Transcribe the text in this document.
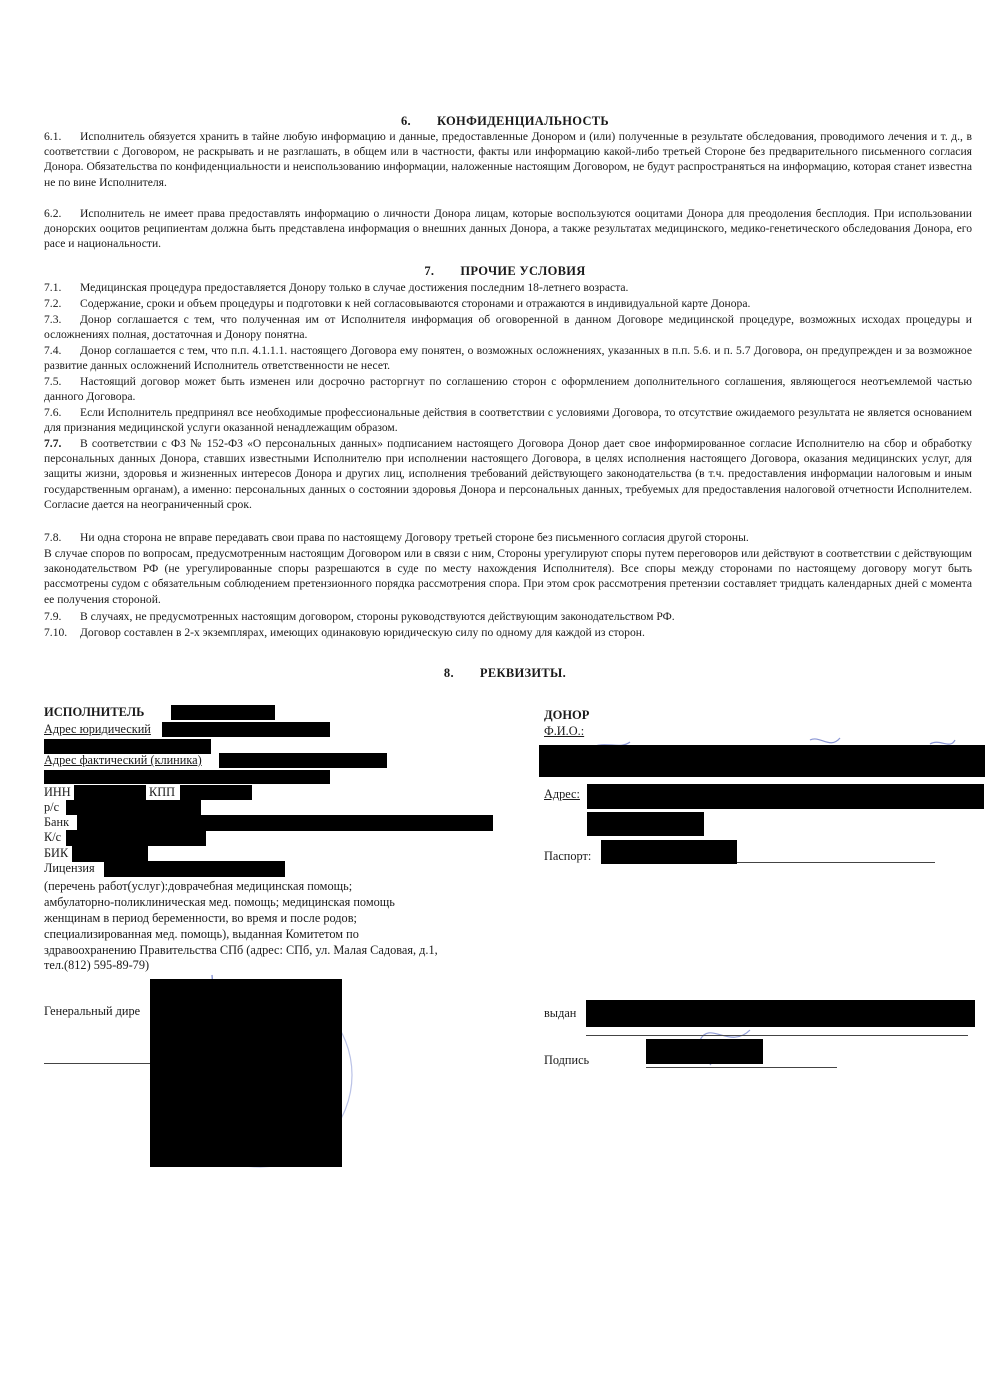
6. КОНФИДЕНЦИАЛЬНОСТЬ
6.1. Исполнитель обязуется хранить в тайне любую информацию и данные, предоставленные Донором и (или) полученные в результате обследования, проводимого лечения и т. д., в соответствии с Договором, не раскрывать и не разглашать, в общем или в частности, факты или информацию какой-либо третьей Стороне без предварительного письменного согласия Донора. Обязательства по конфиденциальности и неиспользованию информации, наложенные настоящим Договором, не будут распространяться на информацию, которая станет известна не по вине Исполнителя.
6.2. Исполнитель не имеет права предоставлять информацию о личности Донора лицам, которые воспользуются ооцитами Донора для преодоления бесплодия. При использовании донорских ооцитов реципиентам должна быть представлена информация о внешних данных Донора, а также результатах медицинского, медико-генетического обследования Донора, его расе и национальности.
7. ПРОЧИЕ УСЛОВИЯ
7.1. Медицинская процедура предоставляется Донору только в случае достижения последним 18-летнего возраста.
7.2. Содержание, сроки и объем процедуры и подготовки к ней согласовываются сторонами и отражаются в индивидуальной карте Донора.
7.3. Донор соглашается с тем, что полученная им от Исполнителя информация об оговоренной в данном Договоре медицинской процедуре, возможных исходах процедуры и осложнениях полная, достаточная и Донору понятна.
7.4. Донор соглашается с тем, что п.п. 4.1.1.1. настоящего Договора ему понятен, о возможных осложнениях, указанных в п.п. 5.6. и п. 5.7 Договора, он предупрежден и за возможное развитие данных осложнений Исполнитель ответственности не несет.
7.5. Настоящий договор может быть изменен или досрочно расторгнут по соглашению сторон с оформлением дополнительного соглашения, являющегося неотъемлемой частью данного Договора.
7.6. Если Исполнитель предпринял все необходимые профессиональные действия в соответствии с условиями Договора, то отсутствие ожидаемого результата не является основанием для признания медицинской услуги оказанной ненадлежащим образом.
7.7. В соответствии с ФЗ № 152-ФЗ «О персональных данных» подписанием настоящего Договора Донор дает свое информированное согласие Исполнителю на сбор и обработку персональных данных Донора, ставших известными Исполнителю при исполнении настоящего Договора, в целях исполнения настоящего Договора, оказания медицинских услуг, для защиты жизни, здоровья и жизненных интересов Донора и других лиц, исполнения требований действующего законодательства (в т.ч. предоставления информации налоговым и иным государственным органам), а именно: персональных данных о состоянии здоровья Донора и персональных данных, требуемых для предоставления налоговой отчетности Исполнителем. Согласие дается на неограниченный срок.
7.8. Ни одна сторона не вправе передавать свои права по настоящему Договору третьей стороне без письменного согласия другой стороны.
В случае споров по вопросам, предусмотренным настоящим Договором или в связи с ним, Стороны урегулируют споры путем переговоров или действуют в соответствии с действующим законодательством РФ (не урегулированные споры разрешаются в суде по месту нахождения Исполнителя). Все споры между сторонами по настоящему договору могут быть рассмотрены судом с обязательным соблюдением претензионного порядка рассмотрения спора. При этом срок рассмотрения претензии составляет тридцать календарных дней с момента ее получения стороной.
7.9. В случаях, не предусмотренных настоящим договором, стороны руководствуются действующим законодательством РФ.
7.10. Договор составлен в 2-х экземплярах, имеющих одинаковую юридическую силу по одному для каждой из сторон.
8. РЕКВИЗИТЫ.
ИСПОЛНИТЕЛЬ
Адрес юридический
Адрес фактический (клиника)
ИНН	КПП
р/с
Банк
К/с
БИК
Лицензия
(перечень работ(услуг):доврачебная медицинская помощь;
амбулаторно-поликлиническая мед. помощь; медицинская помощь
женщинам в период беременности, во время и после родов;
специализированная мед. помощь), выданная Комитетом по
здравоохранению Правительства СПб (адрес: СПб, ул. Малая Садовая, д.1,
тел.(812) 595-89-79)
Генеральный дире
ДОНОР
Ф.И.О.:
Адрес:
Паспорт:
выдан
Подпись
